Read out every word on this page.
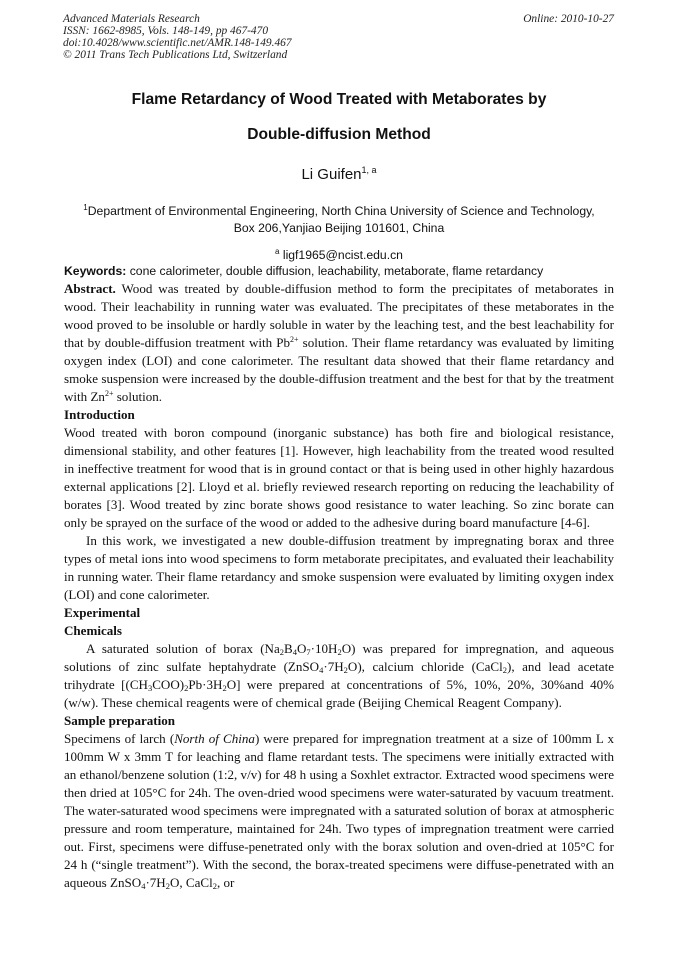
Advanced Materials Research
ISSN: 1662-8985, Vols. 148-149, pp 467-470
doi:10.4028/www.scientific.net/AMR.148-149.467
© 2011 Trans Tech Publications Ltd, Switzerland
Online: 2010-10-27
Flame Retardancy of Wood Treated with Metaborates by
Double-diffusion Method
Li Guifen$^{1, a}$
$^1$Department of Environmental Engineering, North China University of Science and Technology,
Box 206,Yanjiao Beijing 101601, China
$^a$ ligf1965@ncist.edu.cn
Keywords: cone calorimeter, double diffusion, leachability, metaborate, flame retardancy

Abstract. Wood was treated by double-diffusion method to form the precipitates of metaborates in wood. Their leachability in running water was evaluated. The precipitates of these metaborates in the wood proved to be insoluble or hardly soluble in water by the leaching test, and the best leachability for that by double-diffusion treatment with $Pb^{2+}$ solution. Their flame retardancy was evaluated by limiting oxygen index (LOI) and cone calorimeter. The resultant data showed that their flame retardancy and smoke suspension were increased by the double-diffusion treatment and the best for that by the treatment with $Zn^{2+}$ solution.

Introduction

Wood treated with boron compound (inorganic substance) has both fire and biological resistance, dimensional stability, and other features [1]. However, high leachability from the treated wood resulted in ineffective treatment for wood that is in ground contact or that is being used in other highly hazardous external applications [2]. Lloyd et al. briefly reviewed research reporting on reducing the leachability of borates [3]. Wood treated by zinc borate shows good resistance to water leaching. So zinc borate can only be sprayed on the surface of the wood or added to the adhesive during board manufacture [4-6].

In this work, we investigated a new double-diffusion treatment by impregnating borax and three types of metal ions into wood specimens to form metaborate precipitates, and evaluated their leachability in running water. Their flame retardancy and smoke suspension were evaluated by limiting oxygen index (LOI) and cone calorimeter.

Experimental

Chemicals

A saturated solution of borax $(Na_2B_4O_7\cdot 10H_2O)$ was prepared for impregnation, and aqueous solutions of zinc sulfate heptahydrate $(ZnSO_4\cdot 7H_2O)$, calcium chloride (CaCl$_2$), and lead acetate trihydrate $[(CH_3COO)_2Pb\cdot 3H_2O]$ were prepared at concentrations of 5%, 10%, 20%, 30%and 40% (w/w). These chemical reagents were of chemical grade (Beijing Chemical Reagent Company).

Sample preparation

Specimens of larch (North of China) were prepared for impregnation treatment at a size of 100mm L x 100mm W x 3mm T for leaching and flame retardant tests. The specimens were initially extracted with an ethanol/benzene solution (1:2, v/v) for 48 h using a Soxhlet extractor. Extracted wood specimens were then dried at 105°C for 24h. The oven-dried wood specimens were water-saturated by vacuum treatment. The water-saturated wood specimens were impregnated with a saturated solution of borax at atmospheric pressure and room temperature, maintained for 24h. Two types of impregnation treatment were carried out. First, specimens were diffuse-penetrated only with the borax solution and oven-dried at 105°C for 24 h (“single treatment”). With the second, the borax-treated specimens were diffuse-penetrated with an aqueous $ZnSO_4\cdot 7H_2O$, CaCl$_2$, or
